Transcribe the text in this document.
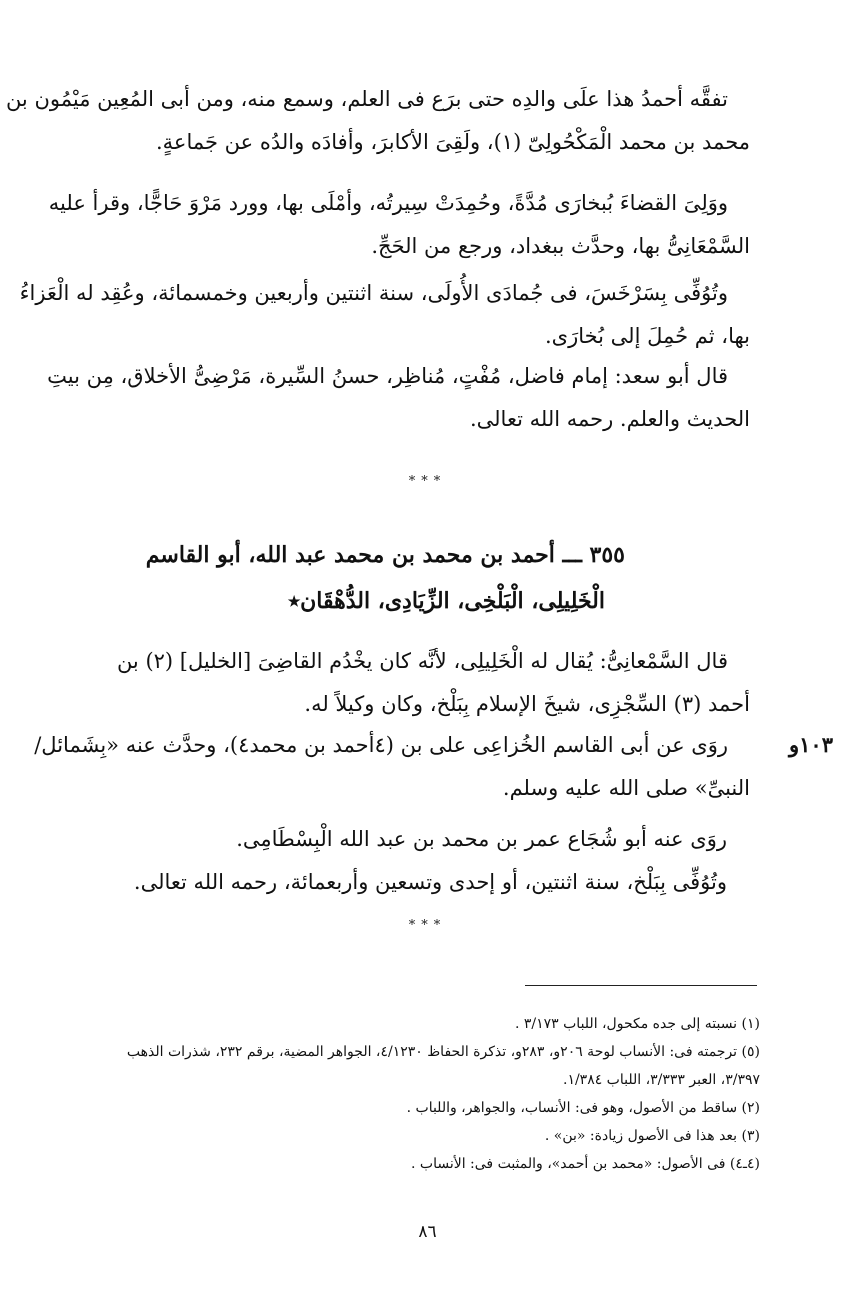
تفقَّه أحمدُ هذا علَى والدِه حتى برَع فى العلم، وسمع منه، ومن أبى المُعِين مَيْمُون بن
محمد بن محمد الْمَكْحُولِىّ (١)، ولَقِىَ الأكابرَ، وأفادَه والدُه عن جَماعةٍ.
ووَلِىَ القضاءَ بُبخارَى مُدَّةً، وحُمِدَتْ سِيرتُه، وأمْلَى بها، وورد مَرْوَ حَاجًّا، وقرأ عليه
السَّمْعَانِىُّ بها، وحدَّث ببغداد، ورجع من الحَجِّ.
وتُوُفِّى بِسَرْخَسَ، فى جُمادَى الأُولَى، سنة اثنتين وأربعين وخمسمائة، وعُقِد له الْعَزاءُ
بها، ثم حُمِلَ إلى بُخارَى.
قال أبو سعد: إمام فاضل، مُفْتٍ، مُناظِر، حسنُ السِّيرة، مَرْضِىُّ الأخلاق، مِن بيتِ
الحديث والعلم. رحمه الله تعالى.
***
٣٥٥ ـــ أحمد بن محمد بن محمد عبد الله، أبو القاسم
الْخَلِيلِى، الْبَلْخِى، الزِّيَادِى، الدُّهْقَان٭
قال السَّمْعانِىُّ: يُقال له الْخَلِيلِى، لأنَّه كان يخْدُم القاضِىَ [الخليل] (٢) بن
أحمد (٣) السِّجْزِى، شيخَ الإسلام بِبَلْخ، وكان وكيلاً له.
١٠٣و
روَى عن أبى القاسم الخُزاعِى على بن (٤أحمد بن محمد٤)، وحدَّث عنه «بِشَمائل/
النبىِّ» صلى الله عليه وسلم.
روَى عنه أبو شُجَاع عمر بن محمد بن عبد الله الْبِسْطَامِى.
وتُوُفِّى بِبَلْخ، سنة اثنتين، أو إحدى وتسعين وأربعمائة، رحمه الله تعالى.
***
(١) نسبته إلى جده مكحول، اللباب ٣/١٧٣ .
(٥) ترجمته فى: الأنساب لوحة ٢٠٦و، ٢٨٣و، تذكرة الحفاظ ٤/١٢٣٠، الجواهر المضية، برقم ٢٣٢، شذرات الذهب
٣/٣٩٧، العبر ٣/٣٣٣، اللباب ١/٣٨٤.
(٢) ساقط من الأصول، وهو فى: الأنساب، والجواهر، واللباب .
(٣) بعد هذا فى الأصول زيادة: «بن» .
(٤ـ٤) فى الأصول: «محمد بن أحمد»، والمثبت فى: الأنساب .
٨٦
